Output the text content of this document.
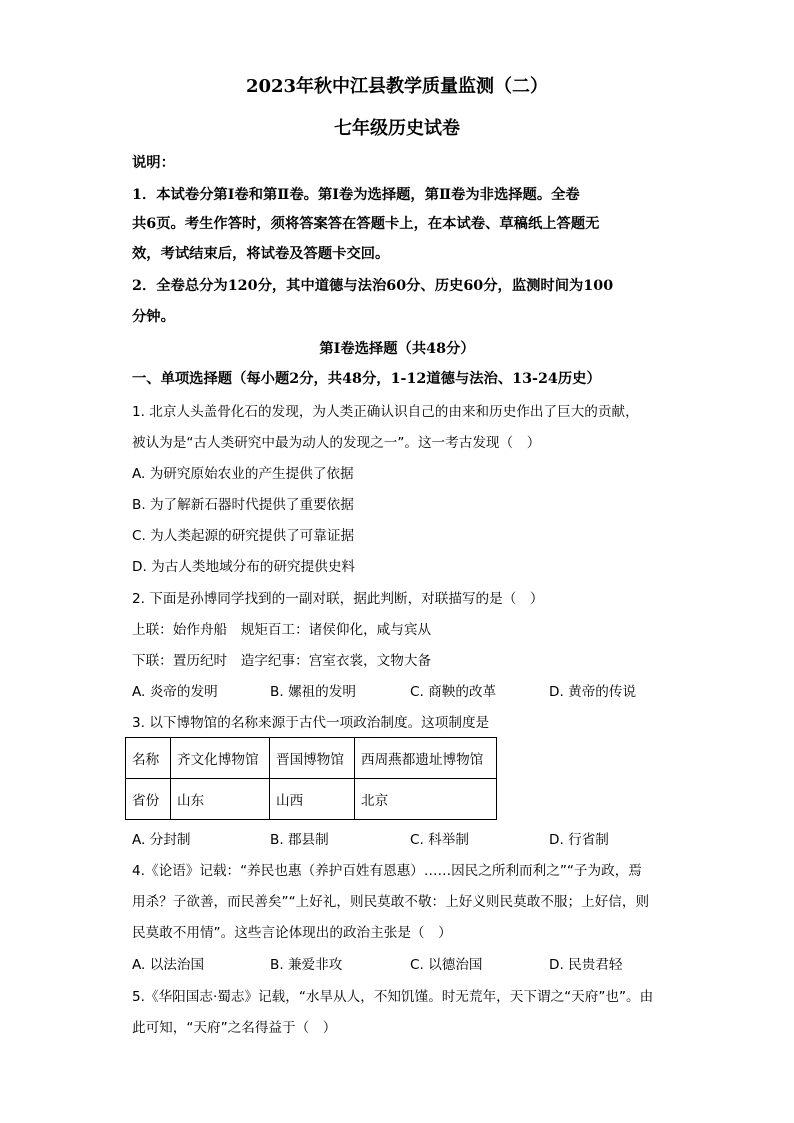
2023年秋中江县教学质量监测（二）
七年级历史试卷
说明：
1．本试卷分第Ⅰ卷和第Ⅱ卷。第Ⅰ卷为选择题，第Ⅱ卷为非选择题。全卷
共6页。考生作答时，须将答案答在答题卡上，在本试卷、草稿纸上答题无
效，考试结束后，将试卷及答题卡交回。
2．全卷总分为120分，其中道德与法治60分、历史60分，监测时间为100
分钟。
第Ⅰ卷选择题（共48分）
一、单项选择题（每小题2分，共48分，1-12道德与法治、13-24历史）
1. 北京人头盖骨化石的发现，为人类正确认识自己的由来和历史作出了巨大的贡献，
被认为是“古人类研究中最为动人的发现之一”。这一考古发现（　）
A. 为研究原始农业的产生提供了依据
B. 为了解新石器时代提供了重要依据
C. 为人类起源的研究提供了可靠证据
D. 为古人类地域分布的研究提供史料
2. 下面是孙博同学找到的一副对联，据此判断，对联描写的是（　）
上联：始作舟船　规矩百工：诸侯仰化，咸与宾从
下联：置历纪时　造字纪事：宫室衣裳，文物大备
A. 炎帝的发明	B. 嫘祖的发明	C. 商鞅的改革	D. 黄帝的传说
3. 以下博物馆的名称来源于古代一项政治制度。这项制度是
名称	齐文化博物馆	晋国博物馆	西周燕都遗址博物馆
省份	山东	山西	北京
A. 分封制	B. 郡县制	C. 科举制	D. 行省制
4.《论语》记载：“养民也惠（养护百姓有恩惠）……因民之所利而利之”“子为政，焉
用杀？子欲善，而民善矣”“上好礼，则民莫敢不敬：上好义则民莫敢不服；上好信，则
民莫敢不用情”。这些言论体现出的政治主张是（　）
A. 以法治国	B. 兼爱非攻	C. 以德治国	D. 民贵君轻
5.《华阳国志·蜀志》记载，“水旱从人，不知饥馑。时无荒年，天下谓之“天府”也”。由
此可知，“天府”之名得益于（　）
